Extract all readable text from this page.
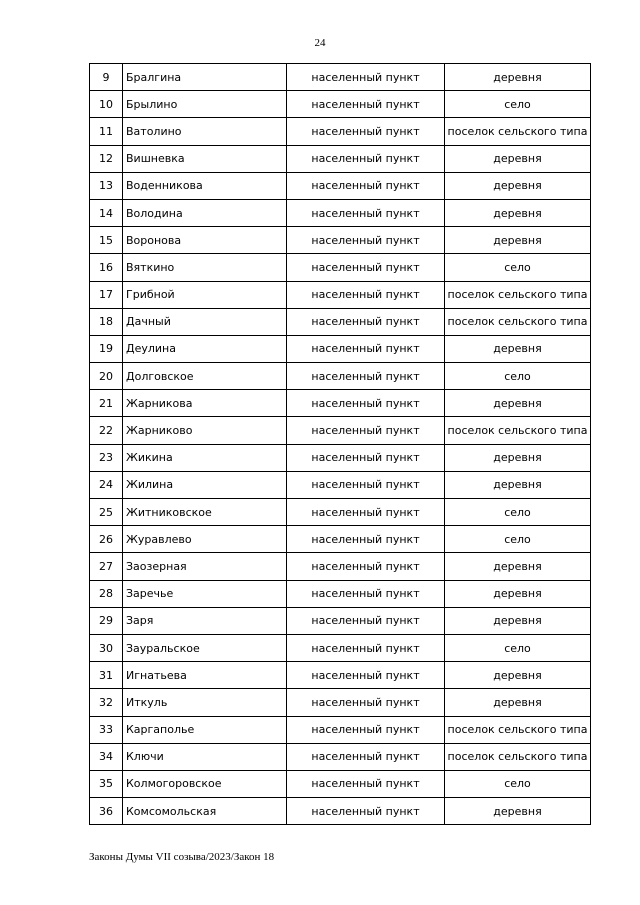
24
9	Бралгина	населенный пункт	деревня
10	Брылино	населенный пункт	село
11	Ватолино	населенный пункт	поселок сельского типа
12	Вишневка	населенный пункт	деревня
13	Воденникова	населенный пункт	деревня
14	Володина	населенный пункт	деревня
15	Воронова	населенный пункт	деревня
16	Вяткино	населенный пункт	село
17	Грибной	населенный пункт	поселок сельского типа
18	Дачный	населенный пункт	поселок сельского типа
19	Деулина	населенный пункт	деревня
20	Долговское	населенный пункт	село
21	Жарникова	населенный пункт	деревня
22	Жарниково	населенный пункт	поселок сельского типа
23	Жикина	населенный пункт	деревня
24	Жилина	населенный пункт	деревня
25	Житниковское	населенный пункт	село
26	Журавлево	населенный пункт	село
27	Заозерная	населенный пункт	деревня
28	Заречье	населенный пункт	деревня
29	Заря	населенный пункт	деревня
30	Зауральское	населенный пункт	село
31	Игнатьева	населенный пункт	деревня
32	Иткуль	населенный пункт	деревня
33	Каргаполье	населенный пункт	поселок сельского типа
34	Ключи	населенный пункт	поселок сельского типа
35	Колмогоровское	населенный пункт	село
36	Комсомольская	населенный пункт	деревня
Законы Думы VII созыва/2023/Закон 18
